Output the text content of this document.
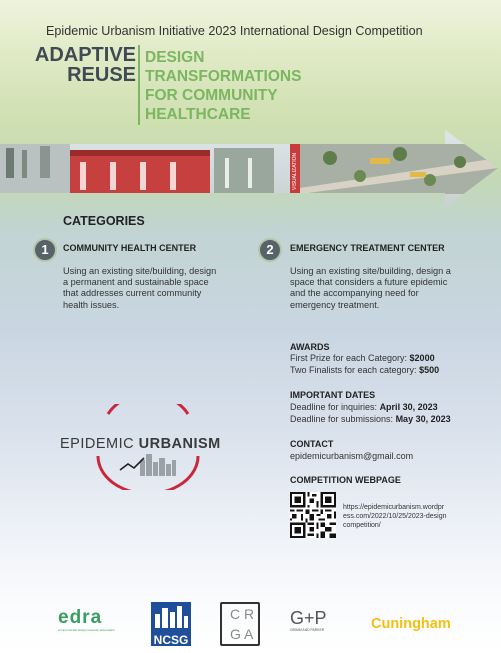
Epidemic Urbanism Initiative 2023 International Design Competition
ADAPTIVE
REUSE
DESIGN
TRANSFORMATIONS
FOR COMMUNITY
HEALTHCARE
VISUALIZATION
CATEGORIES
1	COMMUNITY HEALTH CENTER
Using an existing site/building, design
a permanent and sustainable space
that addresses current community
health issues.
2	EMERGENCY TREATMENT CENTER
Using an existing site/building, design a
space that considers a future epidemic
and the accompanying need for
emergency treatment.
AWARDS
First Prize for each Category: $2000
Two Finalists for each category: $500
IMPORTANT DATES
Deadline for inquiries: April 30, 2023
Deadline for submissions: May 30, 2023
CONTACT
epidemicurbanism@gmail.com
COMPETITION WEBPAGE
https://epidemicurbanism.wordpr
ess.com/2022/10/25/2023-design
competition/
EPIDEMIC URBANISM
edra
environmental design research association
NCSG
C R
G A
G+P
GRIMM AND PARKER	Cuningham
